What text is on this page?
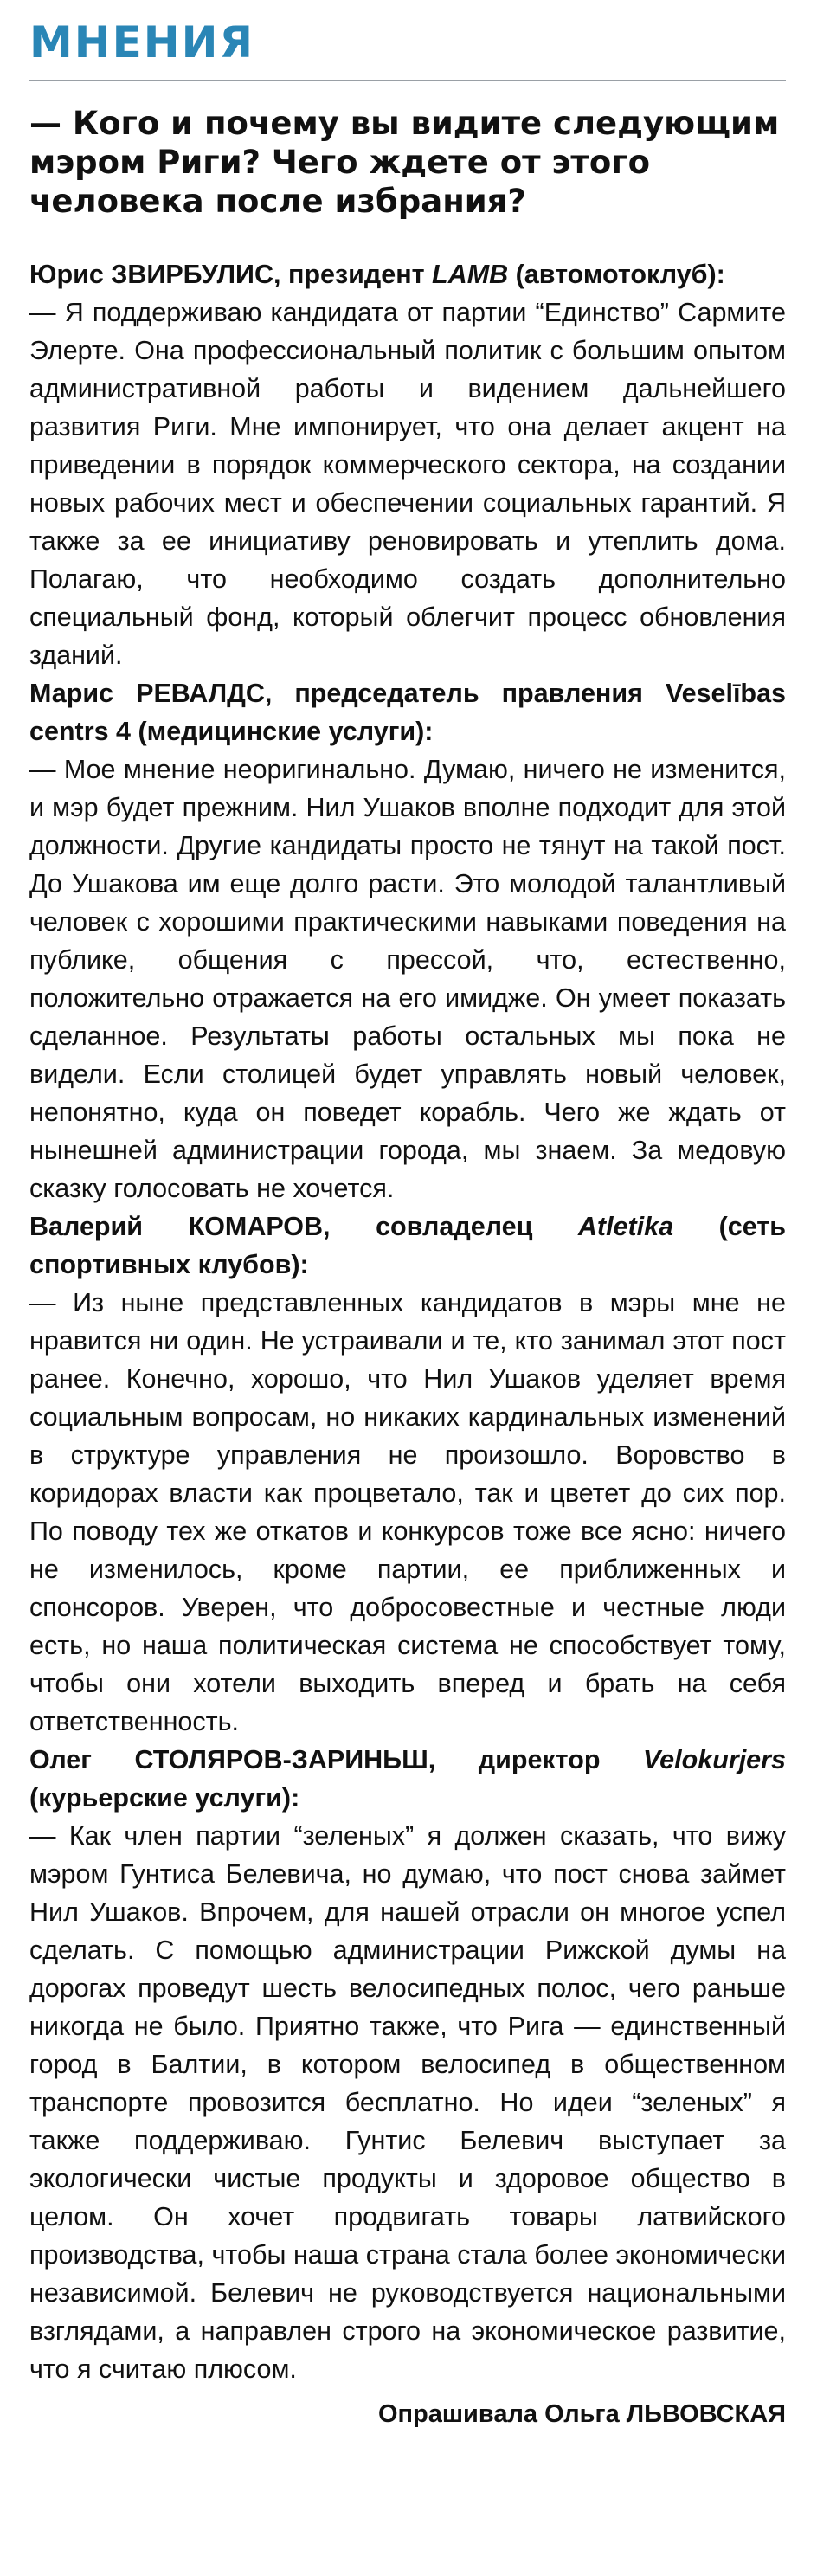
МНЕНИЯ
— Кого и почему вы видите следующим мэром Риги? Чего ждете от этого человека после избрания?

Юрис ЗВИРБУЛИС, президент LAMB (автомотоклуб):

— Я поддерживаю кандидата от партии “Единство” Сармите Элерте. Она профессиональный политик с большим опытом административной работы и видением дальнейшего развития Риги. Мне импонирует, что она делает акцент на приведении в порядок коммерческого сектора, на создании новых рабочих мест и обеспечении социальных гарантий. Я также за ее инициативу реновировать и утеплить дома. Полагаю, что необходимо создать дополнительно специальный фонд, который облегчит процесс обновления зданий.

Марис РЕВАЛДС, председатель правления Veselības centrs 4 (медицинские услуги):

— Мое мнение неоригинально. Думаю, ничего не изменится, и мэр будет прежним. Нил Ушаков вполне подходит для этой должности. Другие кандидаты просто не тянут на такой пост. До Ушакова им еще долго расти. Это молодой талантливый человек с хорошими практическими навыками поведения на публике, общения с прессой, что, естественно, положительно отражается на его имидже. Он умеет показать сделанное. Результаты работы остальных мы пока не видели. Если столицей будет управлять новый человек, непонятно, куда он поведет корабль. Чего же ждать от нынешней администрации города, мы знаем. За медовую сказку голосовать не хочется.

Валерий КОМАРОВ, совладелец Atletika (сеть спортивных клубов):

— Из ныне представленных кандидатов в мэры мне не нравится ни один. Не устраивали и те, кто занимал этот пост ранее. Конечно, хорошо, что Нил Ушаков уделяет время социальным вопросам, но никаких кардинальных изменений в структуре управления не произошло. Воровство в коридорах власти как процветало, так и цветет до сих пор. По поводу тех же откатов и конкурсов тоже все ясно: ничего не изменилось, кроме партии, ее приближенных и спонсоров. Уверен, что добросовестные и честные люди есть, но наша политическая система не способствует тому, чтобы они хотели выходить вперед и брать на себя ответственность.

Олег СТОЛЯРОВ-ЗАРИНЬШ, директор Velokurjers (курьерские услуги):

— Как член партии “зеленых” я должен сказать, что вижу мэром Гунтиса Белевича, но думаю, что пост снова займет Нил Ушаков. Впрочем, для нашей отрасли он многое успел сделать. С помощью администрации Рижской думы на дорогах проведут шесть велосипедных полос, чего раньше никогда не было. Приятно также, что Рига — единственный город в Балтии, в котором велосипед в общественном транспорте провозится бесплатно. Но идеи “зеленых” я также поддерживаю. Гунтис Белевич выступает за экологически чистые продукты и здоровое общество в целом. Он хочет продвигать товары латвийского производства, чтобы наша страна стала более экономически независимой. Белевич не руководствуется национальными взглядами, а направлен строго на экономическое развитие, что я считаю плюсом.

Опрашивала Ольга ЛЬВОВСКАЯ
